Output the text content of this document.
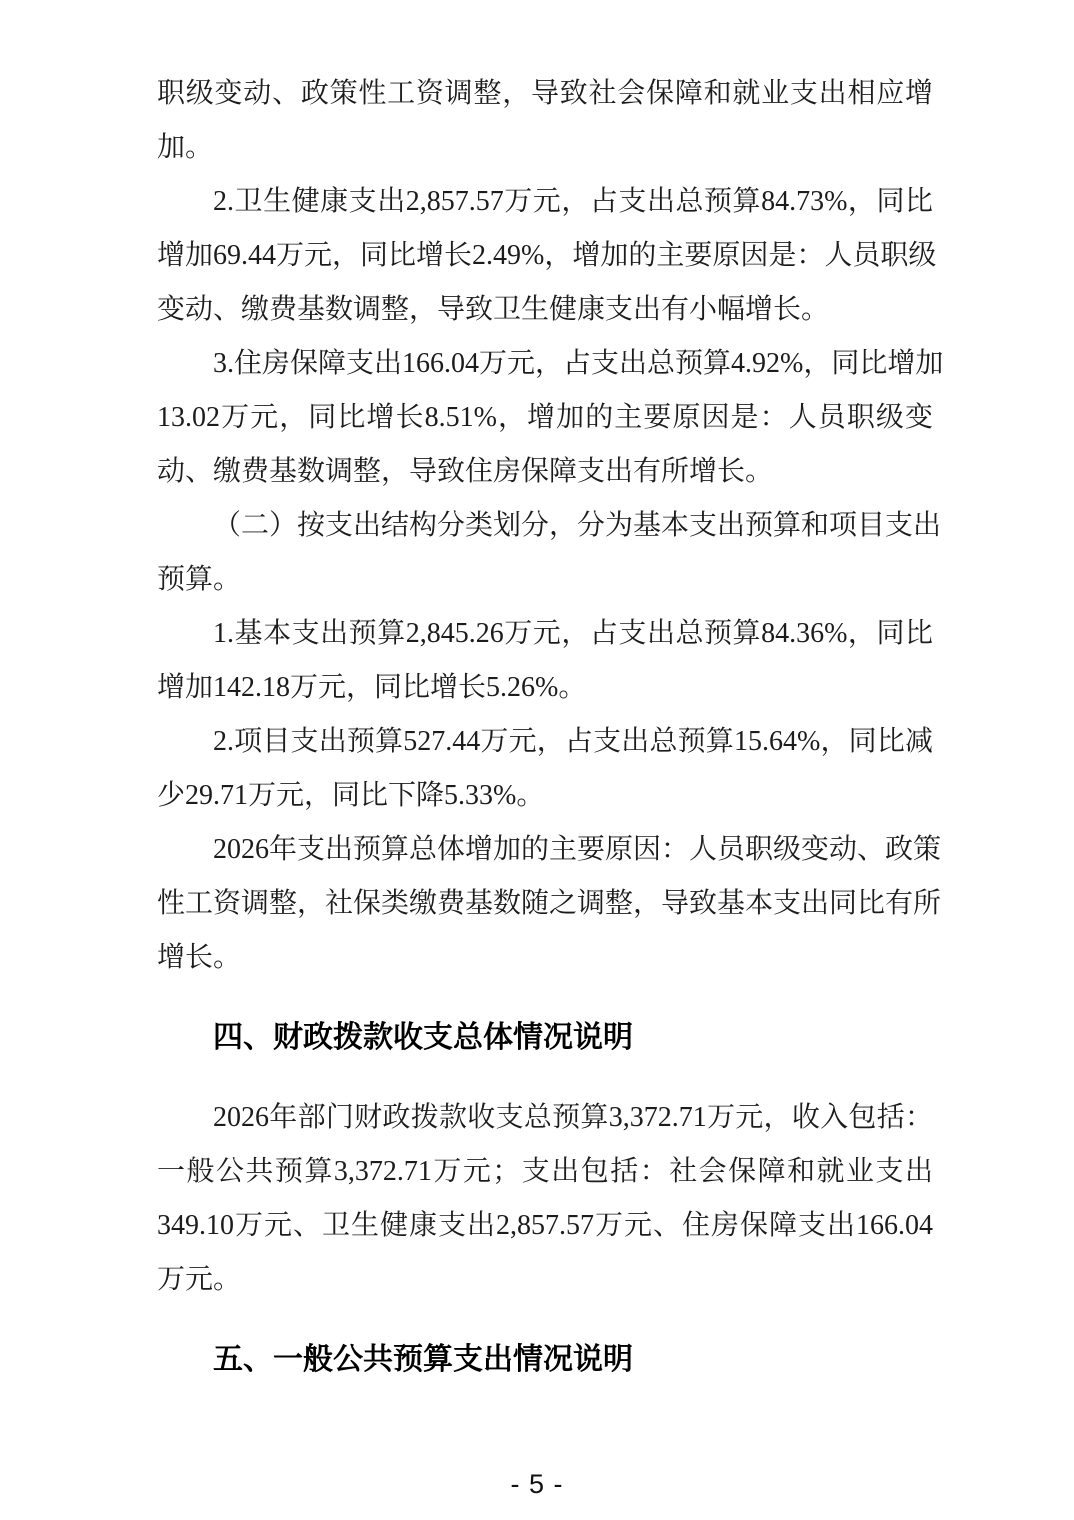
职级变动、政策性工资调整，导致社会保障和就业支出相应增
加。
2.卫生健康支出2,857.57万元，占支出总预算84.73%，同比
增加69.44万元，同比增长2.49%，增加的主要原因是：人员职级
变动、缴费基数调整，导致卫生健康支出有小幅增长。
3.住房保障支出166.04万元，占支出总预算4.92%，同比增加
13.02万元，同比增长8.51%，增加的主要原因是：人员职级变
动、缴费基数调整，导致住房保障支出有所增长。
（二）按支出结构分类划分，分为基本支出预算和项目支出
预算。
1.基本支出预算2,845.26万元，占支出总预算84.36%，同比
增加142.18万元，同比增长5.26%。
2.项目支出预算527.44万元，占支出总预算15.64%，同比减
少29.71万元，同比下降5.33%。
2026年支出预算总体增加的主要原因：人员职级变动、政策
性工资调整，社保类缴费基数随之调整，导致基本支出同比有所
增长。
四、财政拨款收支总体情况说明
2026年部门财政拨款收支总预算3,372.71万元，收入包括：
一般公共预算3,372.71万元；支出包括：社会保障和就业支出
349.10万元、卫生健康支出2,857.57万元、住房保障支出166.04
万元。
五、一般公共预算支出情况说明
- 5 -
